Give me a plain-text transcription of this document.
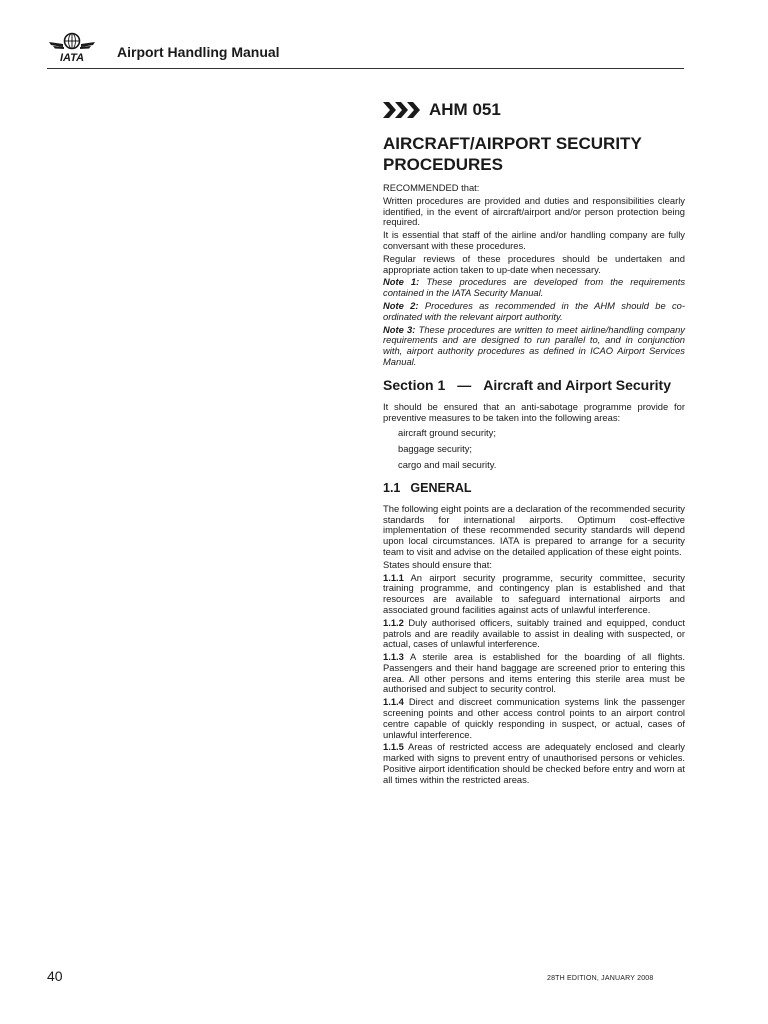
IATA Airport Handling Manual
AHM 051
AIRCRAFT/AIRPORT SECURITY PROCEDURES

RECOMMENDED that:

Written procedures are provided and duties and responsibilities clearly identified, in the event of aircraft/airport and/or person protection being required.

It is essential that staff of the airline and/or handling company are fully conversant with these procedures.

Regular reviews of these procedures should be undertaken and appropriate action taken to up-date when necessary.

Note 1: These procedures are developed from the requirements contained in the IATA Security Manual.

Note 2: Procedures as recommended in the AHM should be co-ordinated with the relevant airport authority.

Note 3: These procedures are written to meet airline/handling company requirements and are designed to run parallel to, and in conjunction with, airport authority procedures as defined in ICAO Airport Services Manual.

Section 1 — Aircraft and Airport Security

It should be ensured that an anti-sabotage programme provide for preventive measures to be taken into the following areas:

aircraft ground security;
baggage security;
cargo and mail security.
1.1 GENERAL

The following eight points are a declaration of the recommended security standards for international airports. Optimum cost-effective implementation of these recommended security standards will depend upon local circumstances. IATA is prepared to arrange for a security team to visit and advise on the detailed application of these eight points.

States should ensure that:

1.1.1 An airport security programme, security committee, security training programme, and contingency plan is established and that resources are available to safeguard international airports and associated ground facilities against acts of unlawful interference.

1.1.2 Duly authorised officers, suitably trained and equipped, conduct patrols and are readily available to assist in dealing with suspected, or actual, cases of unlawful interference.

1.1.3 A sterile area is established for the boarding of all flights. Passengers and their hand baggage are screened prior to entering this area. All other persons and items entering this sterile area must be authorised and subject to security control.

1.1.4 Direct and discreet communication systems link the passenger screening points and other access control points to an airport control centre capable of quickly responding in suspect, or actual, cases of unlawful interference.

1.1.5 Areas of restricted access are adequately enclosed and clearly marked with signs to prevent entry of unauthorised persons or vehicles. Positive airport identification should be checked before entry and worn at all times within the restricted areas.

40	28TH EDITION, JANUARY 2008
